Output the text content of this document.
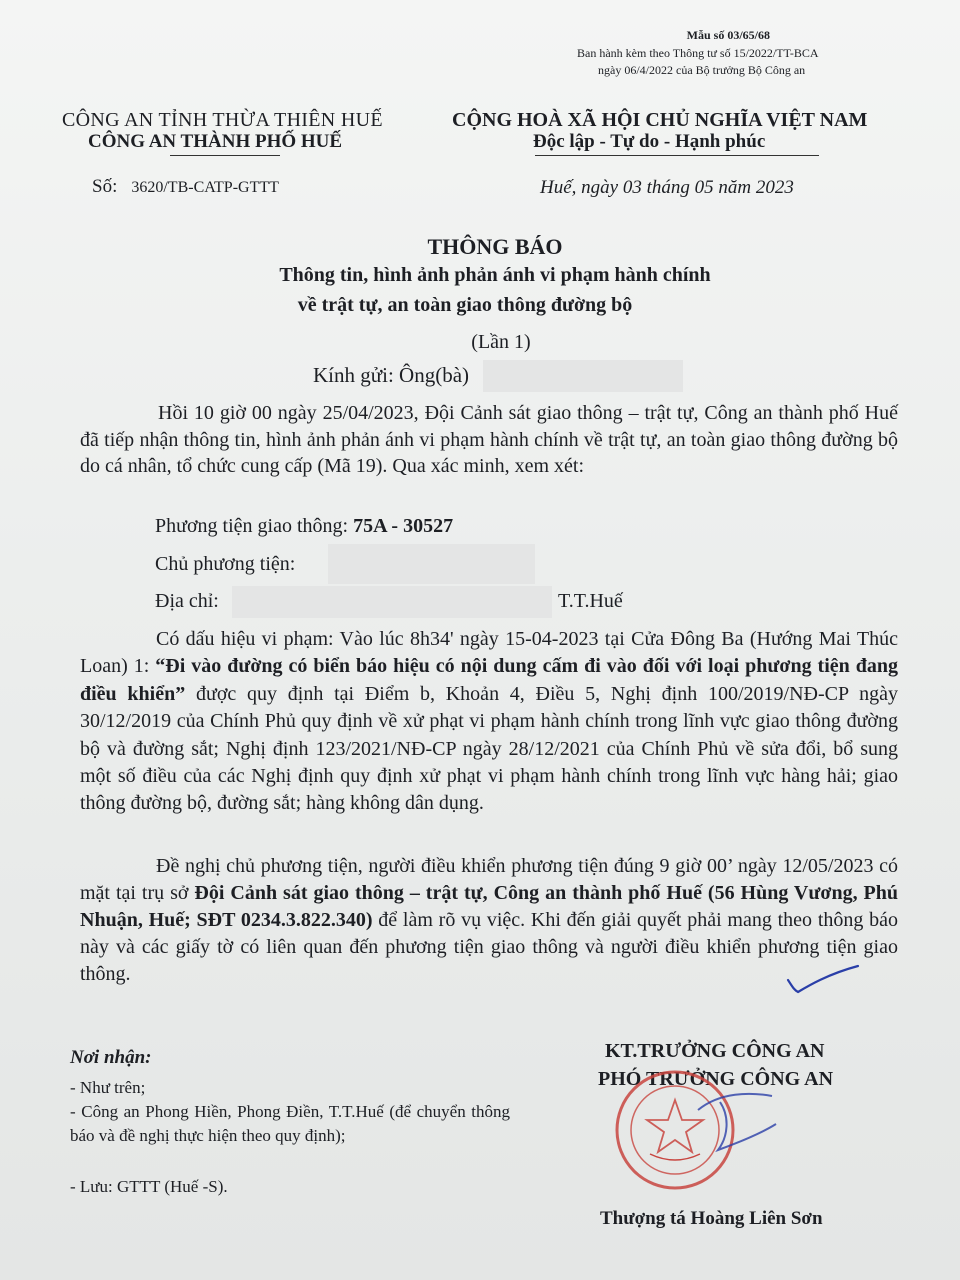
Mẫu số 03/65/68
Ban hành kèm theo Thông tư số 15/2022/TT-BCA
ngày 06/4/2022 của Bộ trưởng Bộ Công an
CÔNG AN TỈNH THỪA THIÊN HUẾ
CÔNG AN THÀNH PHỐ HUẾ
CỘNG HOÀ XÃ HỘI CHỦ NGHĨA VIỆT NAM
Độc lập - Tự do - Hạnh phúc
Số: 3620/TB-CATP-GTTT	Huế, ngày 03 tháng 05 năm 2023
THÔNG BÁO
Thông tin, hình ảnh phản ánh vi phạm hành chính
về trật tự, an toàn giao thông đường bộ
(Lần 1)
Kính gửi: Ông(bà)
Hồi 10 giờ 00 ngày 25/04/2023, Đội Cảnh sát giao thông – trật tự, Công an thành phố Huế đã tiếp nhận thông tin, hình ảnh phản ánh vi phạm hành chính về trật tự, an toàn giao thông đường bộ do cá nhân, tổ chức cung cấp (Mã 19). Qua xác minh, xem xét:
Phương tiện giao thông: 75A - 30527
Chủ phương tiện:
Địa chỉ:	T.T.Huế
Có dấu hiệu vi phạm: Vào lúc 8h34' ngày 15-04-2023 tại Cửa Đông Ba (Hướng Mai Thúc Loan) 1: “Đi vào đường có biển báo hiệu có nội dung cấm đi vào đối với loại phương tiện đang điều khiển” được quy định tại Điểm b, Khoản 4, Điều 5, Nghị định 100/2019/NĐ-CP ngày 30/12/2019 của Chính Phủ quy định về xử phạt vi phạm hành chính trong lĩnh vực giao thông đường bộ và đường sắt; Nghị định 123/2021/NĐ-CP ngày 28/12/2021 của Chính Phủ về sửa đổi, bổ sung một số điều của các Nghị định quy định xử phạt vi phạm hành chính trong lĩnh vực hàng hải; giao thông đường bộ, đường sắt; hàng không dân dụng.
Đề nghị chủ phương tiện, người điều khiển phương tiện đúng 9 giờ 00’ ngày 12/05/2023 có mặt tại trụ sở Đội Cảnh sát giao thông – trật tự, Công an thành phố Huế (56 Hùng Vương, Phú Nhuận, Huế; SĐT 0234.3.822.340) để làm rõ vụ việc. Khi đến giải quyết phải mang theo thông báo này và các giấy tờ có liên quan đến phương tiện giao thông và người điều khiển phương tiện giao thông.
Nơi nhận:
- Như trên;
- Công an Phong Hiền, Phong Điền, T.T.Huế (để chuyển thông báo và đề nghị thực hiện theo quy định);
- Lưu: GTTT (Huế -S).
KT.TRƯỞNG CÔNG AN
PHÓ TRƯỞNG CÔNG AN
Thượng tá Hoàng Liên Sơn
